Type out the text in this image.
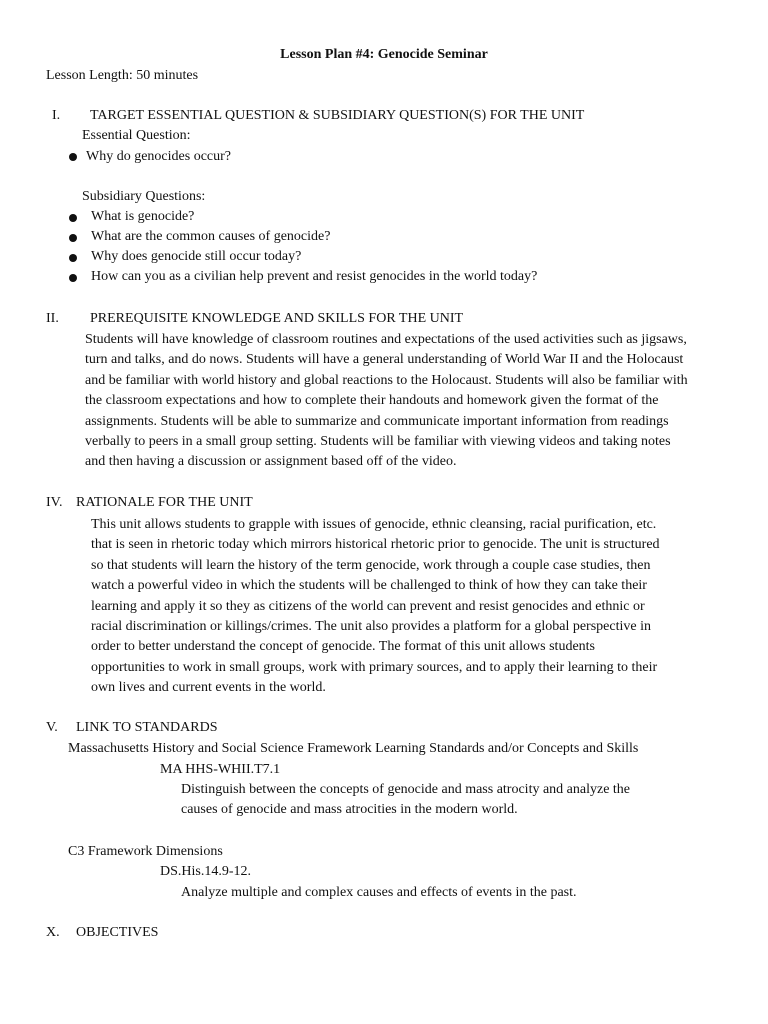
Lesson Plan #4: Genocide Seminar
Lesson Length: 50 minutes
I. TARGET ESSENTIAL QUESTION & SUBSIDIARY QUESTION(S) FOR THE UNIT
Essential Question:
Why do genocides occur?
Subsidiary Questions:
What is genocide?
What are the common causes of genocide?
Why does genocide still occur today?
How can you as a civilian help prevent and resist genocides in the world today?
II. PREREQUISITE KNOWLEDGE AND SKILLS FOR THE UNIT
Students will have knowledge of classroom routines and expectations of the used activities such as jigsaws,
turn and talks, and do nows. Students will have a general understanding of World War II and the Holocaust
and be familiar with world history and global reactions to the Holocaust. Students will also be familiar with
the classroom expectations and how to complete their handouts and homework given the format of the
assignments. Students will be able to summarize and communicate important information from readings
verbally to peers in a small group setting. Students will be familiar with viewing videos and taking notes
and then having a discussion or assignment based off of the video.
IV. RATIONALE FOR THE UNIT
This unit allows students to grapple with issues of genocide, ethnic cleansing, racial purification, etc.
that is seen in rhetoric today which mirrors historical rhetoric prior to genocide. The unit is structured
so that students will learn the history of the term genocide, work through a couple case studies, then
watch a powerful video in which the students will be challenged to think of how they can take their
learning and apply it so they as citizens of the world can prevent and resist genocides and ethnic or
racial discrimination or killings/crimes. The unit also provides a platform for a global perspective in
order to better understand the concept of genocide. The format of this unit allows students
opportunities to work in small groups, work with primary sources, and to apply their learning to their
own lives and current events in the world.
V. LINK TO STANDARDS
Massachusetts History and Social Science Framework Learning Standards and/or Concepts and Skills
MA HHS-WHII.T7.1
Distinguish between the concepts of genocide and mass atrocity and analyze the
causes of genocide and mass atrocities in the modern world.
C3 Framework Dimensions
DS.His.14.9-12.
Analyze multiple and complex causes and effects of events in the past.
X. OBJECTIVES
